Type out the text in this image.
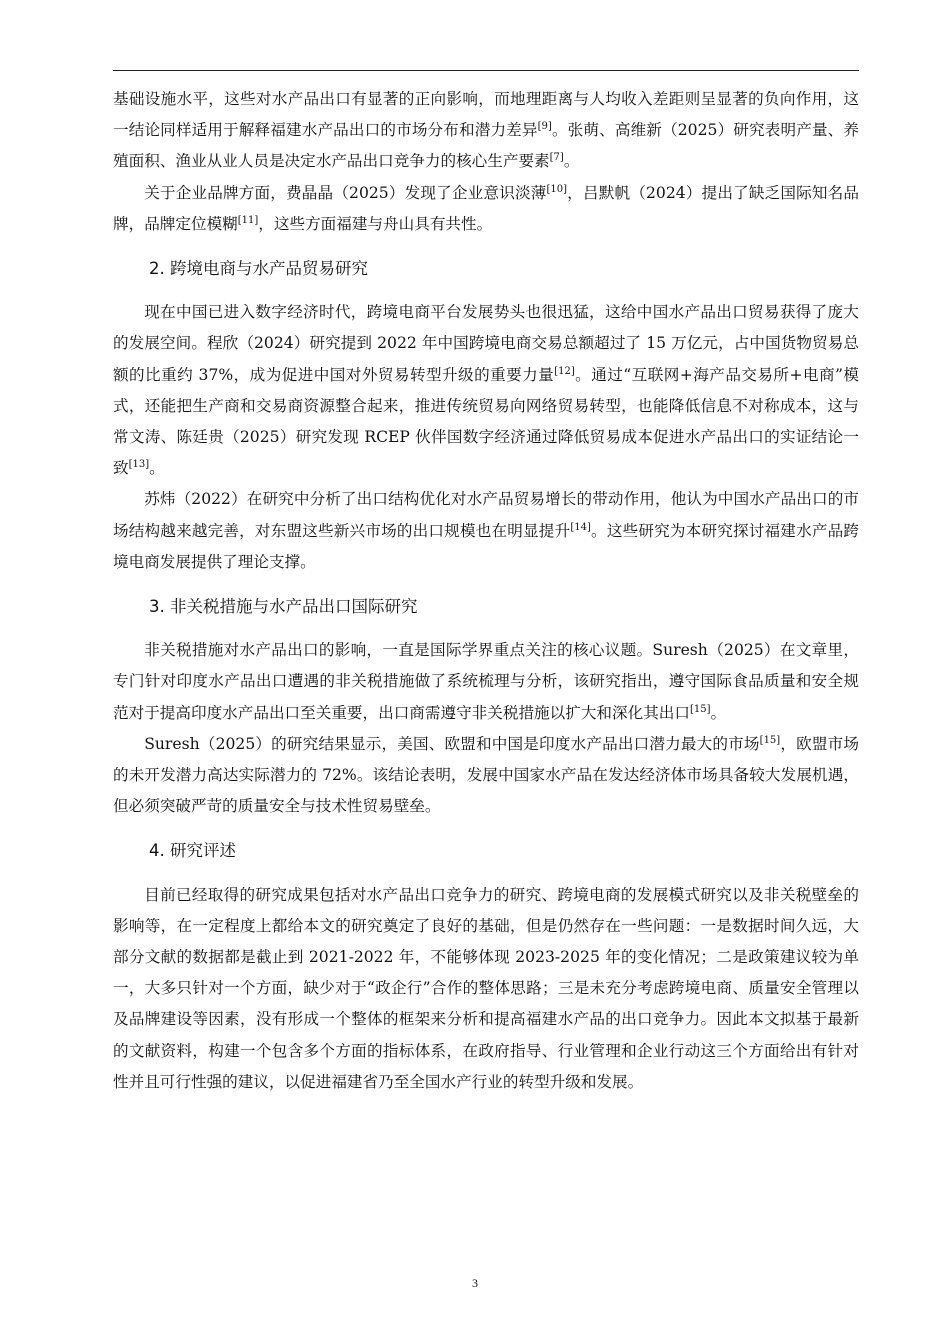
基础设施水平，这些对水产品出口有显著的正向影响，而地理距离与人均收入差距则呈显著的负向作用，这一结论同样适用于解释福建水产品出口的市场分布和潜力差异[9]。张萌、高维新（2025）研究表明产量、养殖面积、渔业从业人员是决定水产品出口竞争力的核心生产要素[7]。

关于企业品牌方面，费晶晶（2025）发现了企业意识淡薄[10]，吕默帆（2024）提出了缺乏国际知名品牌，品牌定位模糊[11]，这些方面福建与舟山具有共性。

2. 跨境电商与水产品贸易研究

现在中国已进入数字经济时代，跨境电商平台发展势头也很迅猛，这给中国水产品出口贸易获得了庞大的发展空间。程欣（2024）研究提到 2022 年中国跨境电商交易总额超过了 15 万亿元，占中国货物贸易总额的比重约 37%，成为促进中国对外贸易转型升级的重要力量[12]。通过“互联网+海产品交易所+电商”模式，还能把生产商和交易商资源整合起来，推进传统贸易向网络贸易转型，也能降低信息不对称成本，这与常文涛、陈廷贵（2025）研究发现 RCEP 伙伴国数字经济通过降低贸易成本促进水产品出口的实证结论一致[13]。

苏炜（2022）在研究中分析了出口结构优化对水产品贸易增长的带动作用，他认为中国水产品出口的市场结构越来越完善，对东盟这些新兴市场的出口规模也在明显提升[14]。这些研究为本研究探讨福建水产品跨境电商发展提供了理论支撑。

3. 非关税措施与水产品出口国际研究

非关税措施对水产品出口的影响，一直是国际学界重点关注的核心议题。Suresh（2025）在文章里，专门针对印度水产品出口遭遇的非关税措施做了系统梳理与分析，该研究指出，遵守国际食品质量和安全规范对于提高印度水产品出口至关重要，出口商需遵守非关税措施以扩大和深化其出口[15]。

Suresh（2025）的研究结果显示，美国、欧盟和中国是印度水产品出口潜力最大的市场[15]，欧盟市场的未开发潜力高达实际潜力的 72%。该结论表明，发展中国家水产品在发达经济体市场具备较大发展机遇，但必须突破严苛的质量安全与技术性贸易壁垒。

4. 研究评述

目前已经取得的研究成果包括对水产品出口竞争力的研究、跨境电商的发展模式研究以及非关税壁垒的影响等，在一定程度上都给本文的研究奠定了良好的基础，但是仍然存在一些问题：一是数据时间久远，大部分文献的数据都是截止到 2021-2022 年，不能够体现 2023-2025 年的变化情况；二是政策建议较为单一，大多只针对一个方面，缺少对于“政企行”合作的整体思路；三是未充分考虑跨境电商、质量安全管理以及品牌建设等因素，没有形成一个整体的框架来分析和提高福建水产品的出口竞争力。因此本文拟基于最新的文献资料，构建一个包含多个方面的指标体系，在政府指导、行业管理和企业行动这三个方面给出有针对性并且可行性强的建议，以促进福建省乃至全国水产行业的转型升级和发展。

3
